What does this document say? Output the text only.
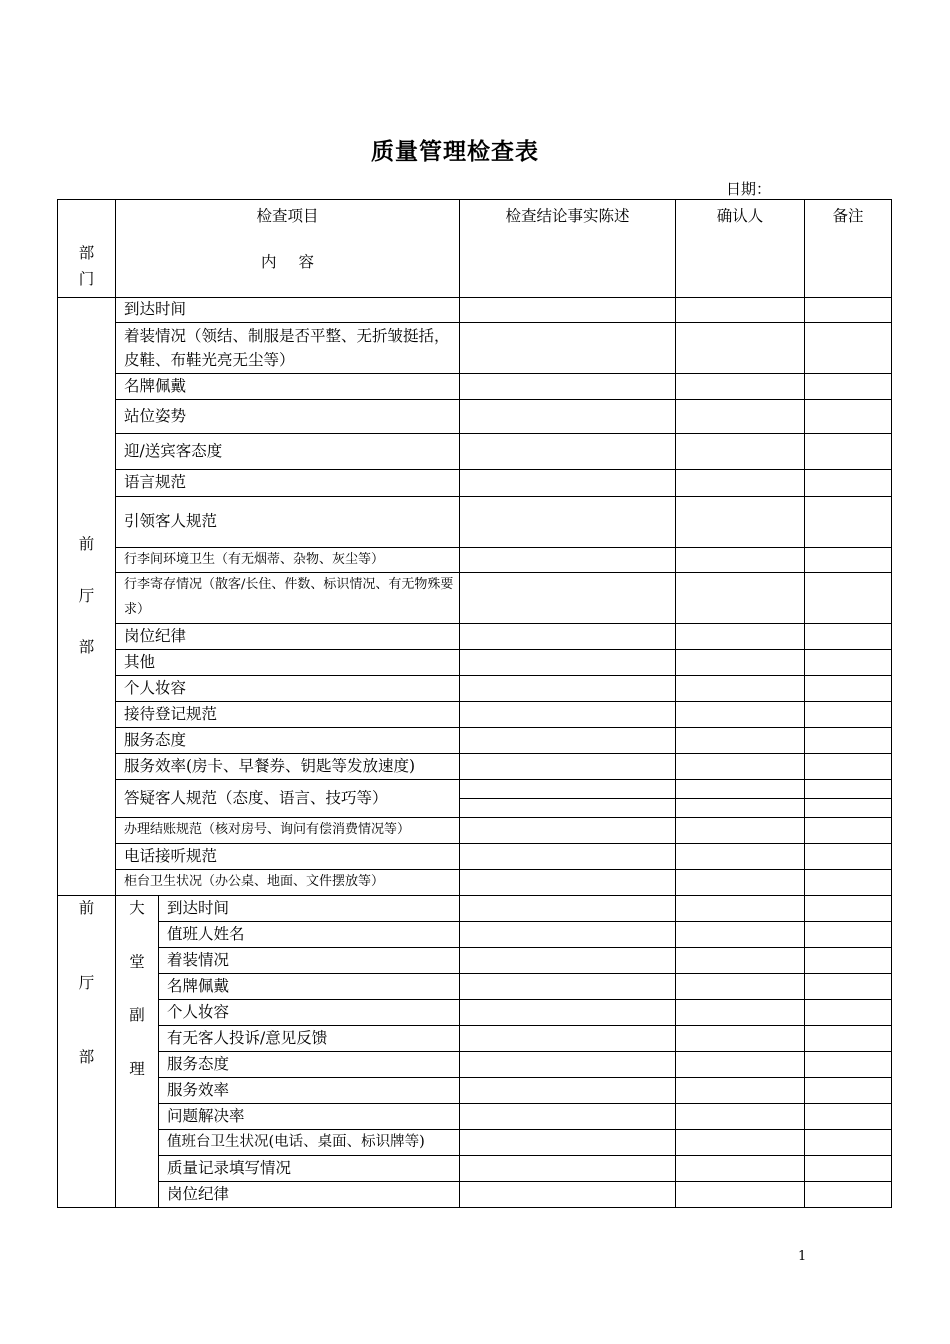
质量管理检查表
日期：
部
门	检查项目
内容		检查结论事实陈述	确认人	备注

前
厅
部	到达时间				
	着装情况（领结、制服是否平整、无折皱挺括，皮鞋、布鞋光亮无尘等）				
	名牌佩戴				
	站位姿势				
	迎/送宾客态度				
	语言规范				
	引领客人规范				
	行李间环境卫生（有无烟蒂、杂物、灰尘等）				
	行李寄存情况（散客/长住、件数、标识情况、有无物殊要求）				
	岗位纪律				
	其他				
	个人妆容				
	接待登记规范				
	服务态度				
	服务效率(房卡、早餐券、钥匙等发放速度)				
	答疑客人规范（态度、语言、技巧等）				

	办理结账规范（核对房号、询问有偿消费情况等）				
	电话接听规范				
	柜台卫生状况（办公桌、地面、文件摆放等）				

前
厅
部	大
堂
副
理	到达时间			
		值班人姓名			
		着装情况			
		名牌佩戴			
		个人妆容			
		有无客人投诉/意见反馈			
		服务态度			
		服务效率			
		问题解决率			
		值班台卫生状况(电话、桌面、标识牌等)			
		质量记录填写情况			
		岗位纪律			
1
